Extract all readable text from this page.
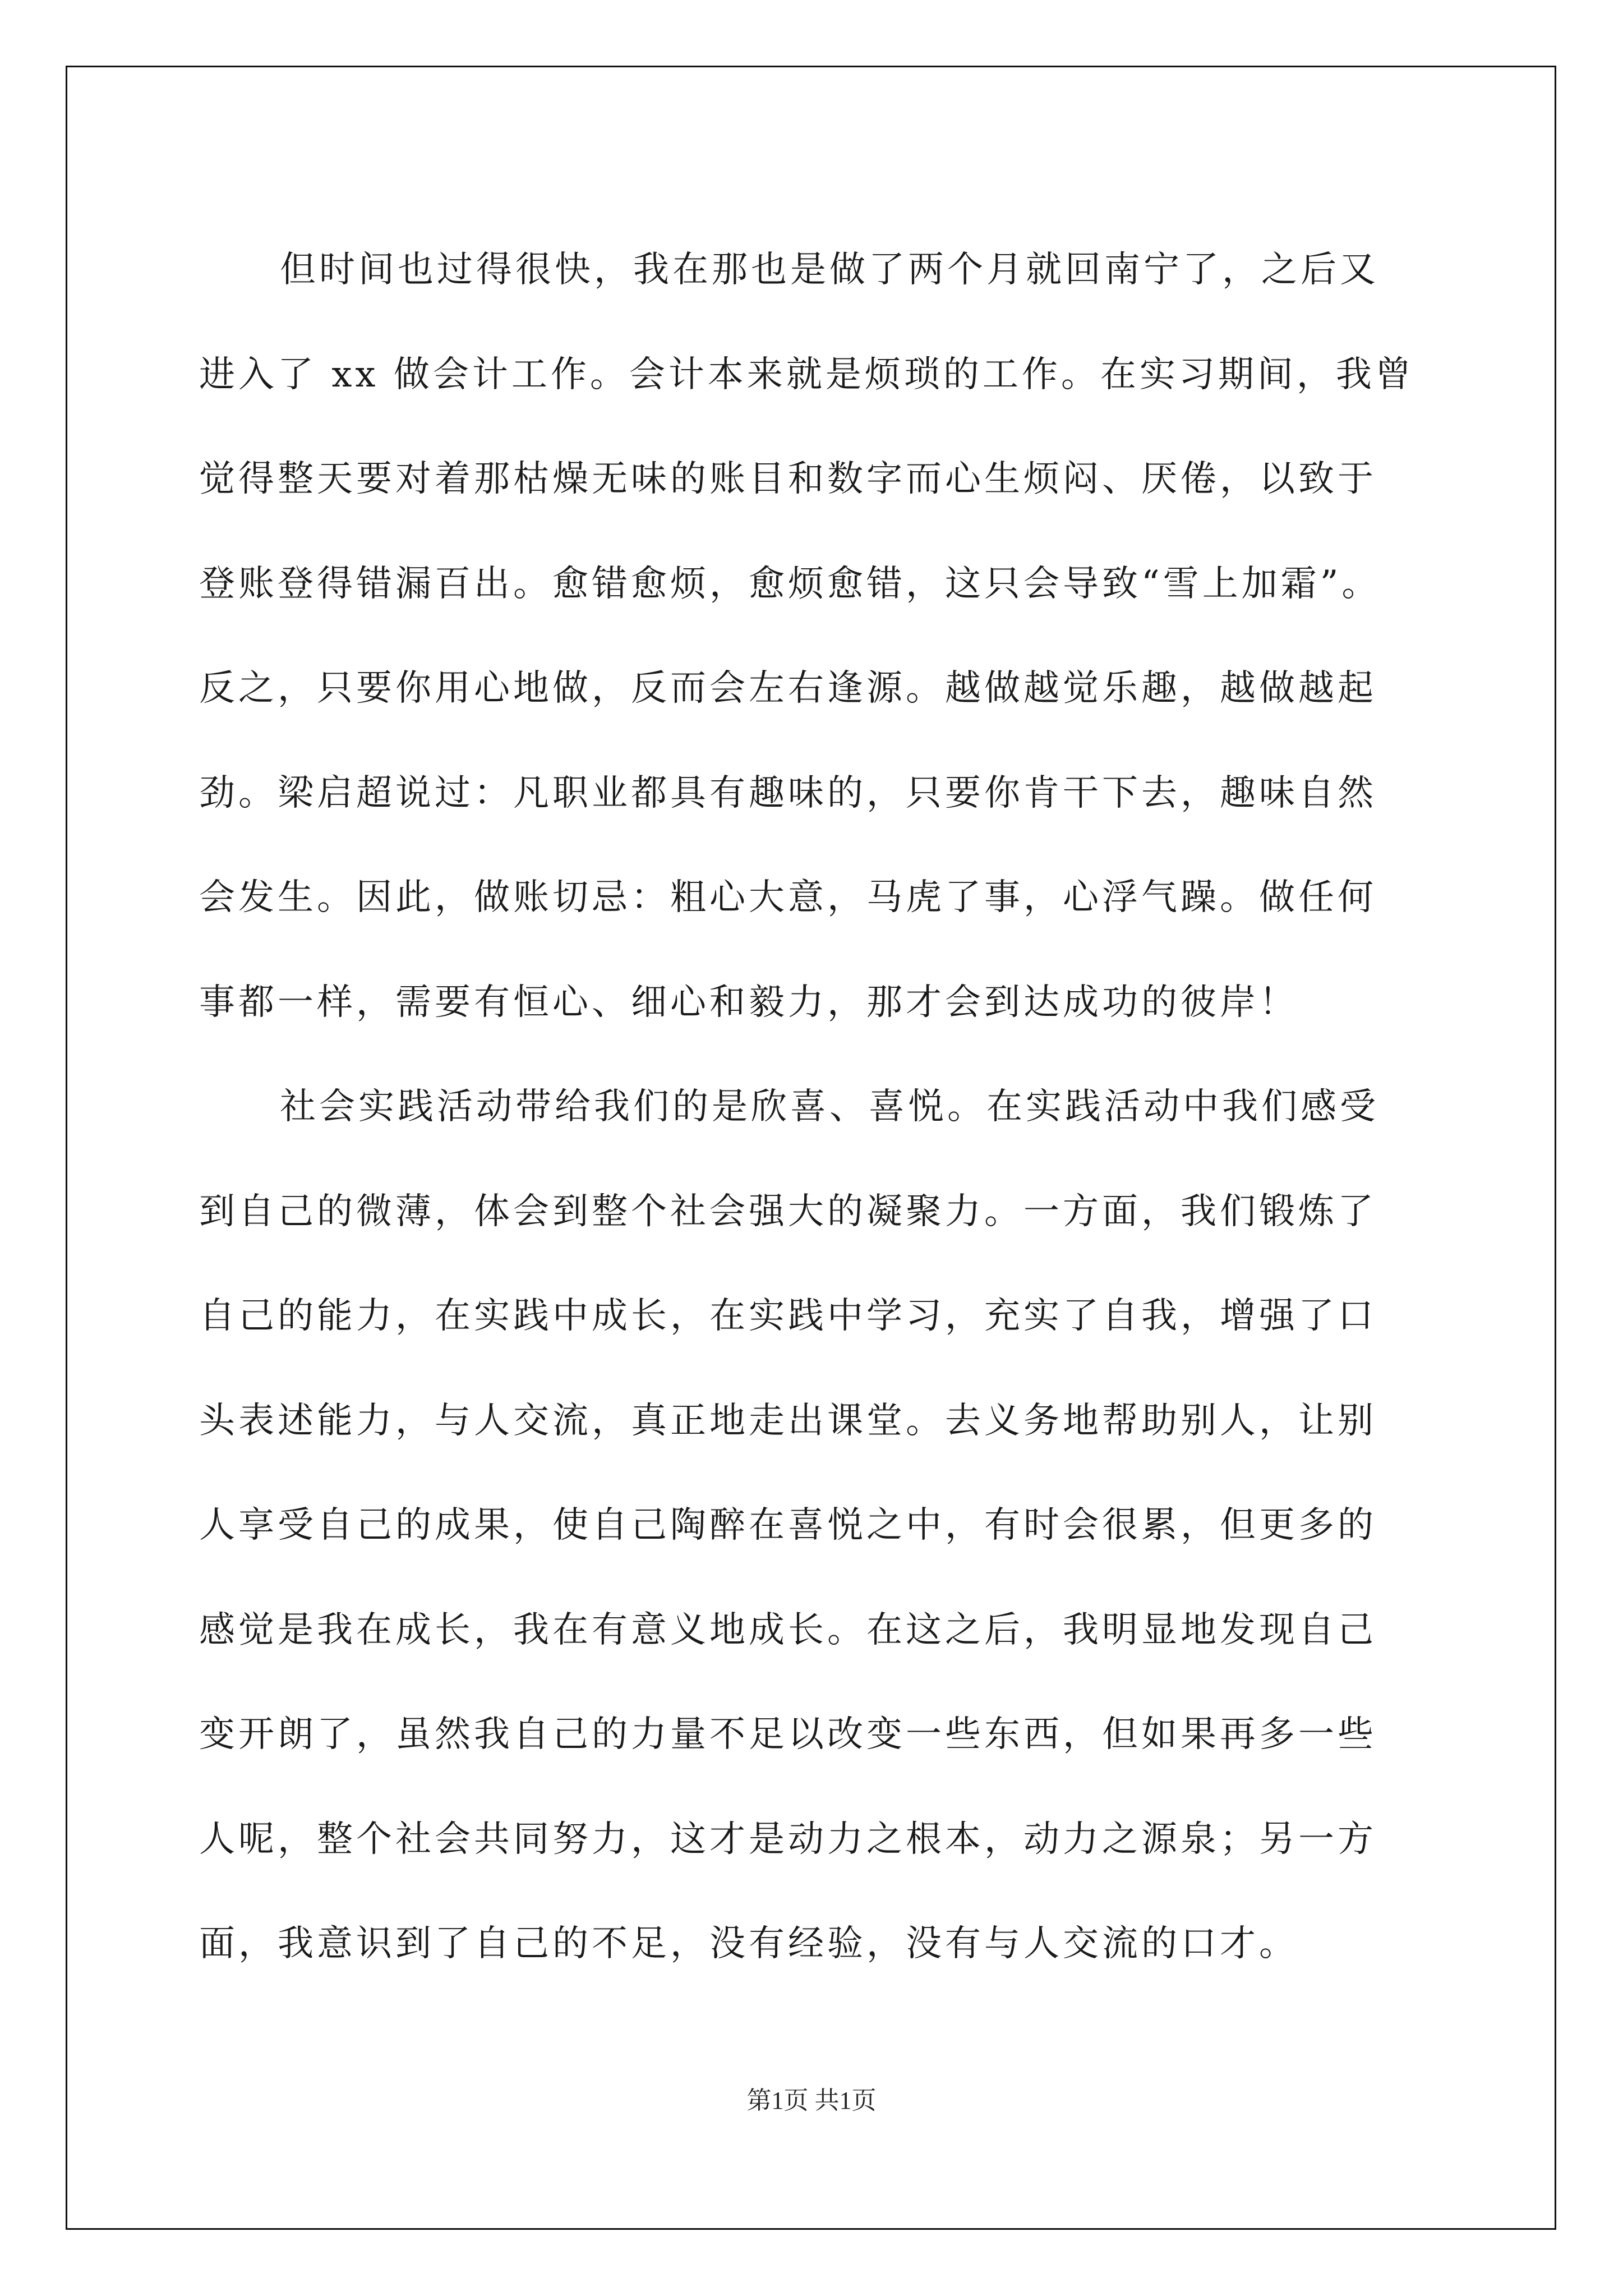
但时间也过得很快，我在那也是做了两个月就回南宁了，之后又
进入了 xx 做会计工作。会计本来就是烦琐的工作。在实习期间，我曾
觉得整天要对着那枯燥无味的账目和数字而心生烦闷、厌倦，以致于
登账登得错漏百出。愈错愈烦，愈烦愈错，这只会导致“雪上加霜”。
反之，只要你用心地做，反而会左右逢源。越做越觉乐趣，越做越起
劲。梁启超说过：凡职业都具有趣味的，只要你肯干下去，趣味自然
会发生。因此，做账切忌：粗心大意，马虎了事，心浮气躁。做任何
事都一样，需要有恒心、细心和毅力，那才会到达成功的彼岸！
社会实践活动带给我们的是欣喜、喜悦。在实践活动中我们感受
到自己的微薄，体会到整个社会强大的凝聚力。一方面，我们锻炼了
自己的能力，在实践中成长，在实践中学习，充实了自我，增强了口
头表述能力，与人交流，真正地走出课堂。去义务地帮助别人，让别
人享受自己的成果，使自己陶醉在喜悦之中，有时会很累，但更多的
感觉是我在成长，我在有意义地成长。在这之后，我明显地发现自己
变开朗了，虽然我自己的力量不足以改变一些东西，但如果再多一些
人呢，整个社会共同努力，这才是动力之根本，动力之源泉；另一方
面，我意识到了自己的不足，没有经验，没有与人交流的口才。
第1页 共1页
